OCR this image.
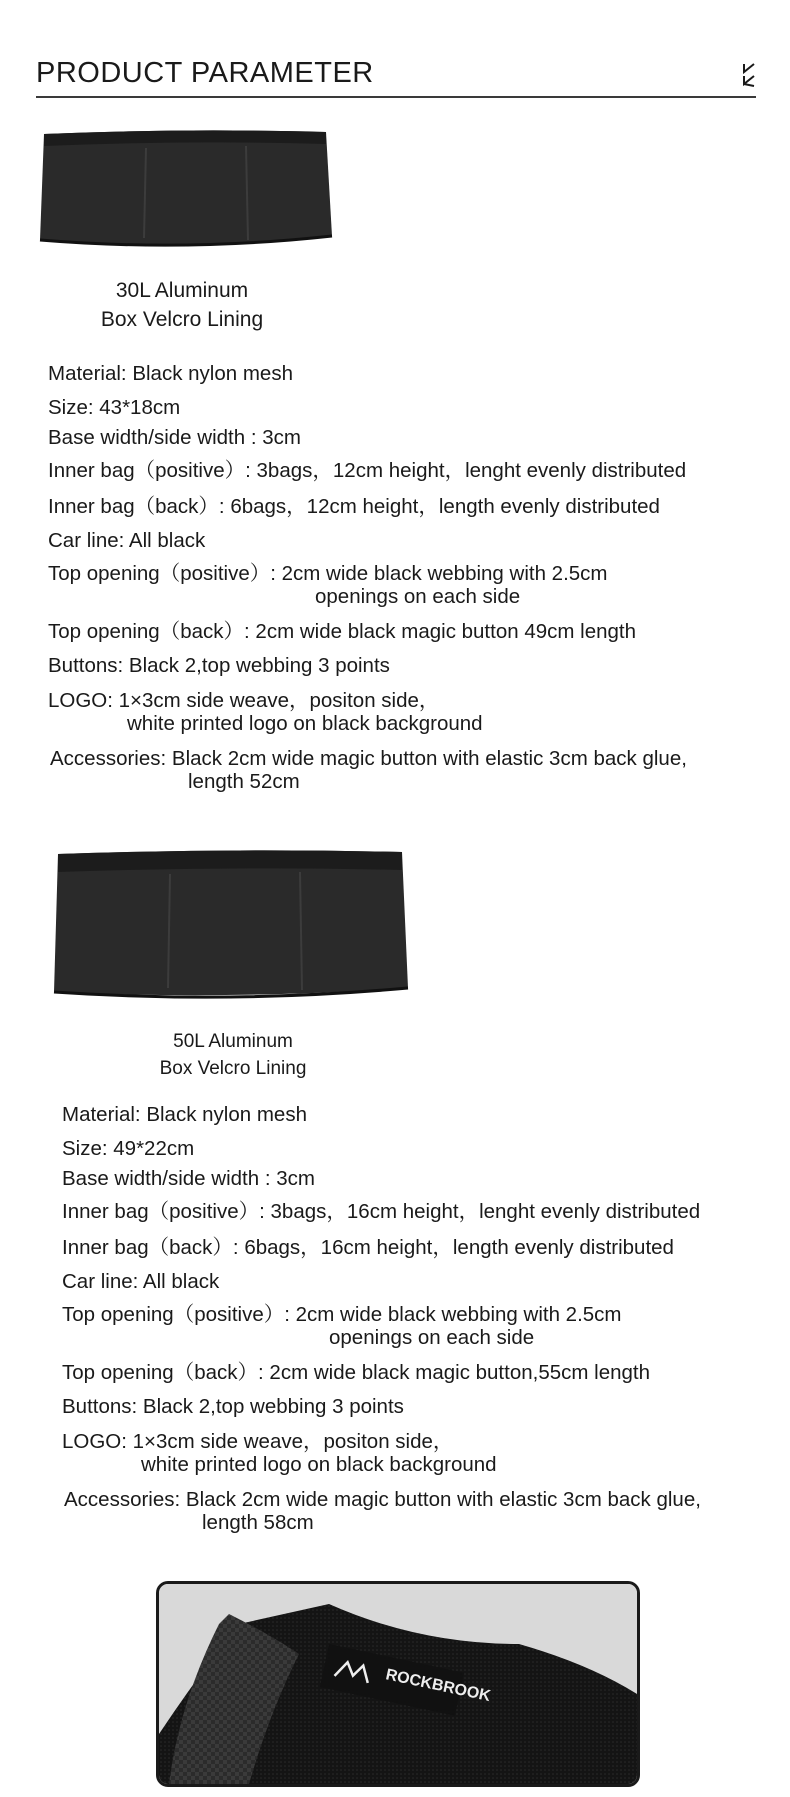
PRODUCT PARAMETER
30L Aluminum
Box Velcro Lining
Material: Black nylon mesh
Size: 43*18cm
Base width/side width : 3cm
Inner bag（positive）: 3bags，12cm height，lenght evenly distributed
Inner bag（back）: 6bags，12cm height，length evenly distributed
Car line: All black
Top opening（positive）: 2cm wide black webbing with 2.5cm
openings on each side
Top opening（back）: 2cm wide black magic button 49cm length
Buttons: Black 2,top webbing 3 points
LOGO: 1×3cm side weave，positon side，
white printed logo on black background
Accessories: Black 2cm wide magic button with elastic 3cm back glue,
length 52cm
50L Aluminum
Box Velcro Lining
Material: Black nylon mesh
Size: 49*22cm
Base width/side width : 3cm
Inner bag（positive）: 3bags，16cm height，lenght evenly distributed
Inner bag（back）: 6bags，16cm height，length evenly distributed
Car line: All black
Top opening（positive）: 2cm wide black webbing with 2.5cm
openings on each side
Top opening（back）: 2cm wide black magic button,55cm length
Buttons: Black 2,top webbing 3 points
LOGO: 1×3cm side weave，positon side，
white printed logo on black background
Accessories: Black 2cm wide magic button with elastic 3cm back glue,
length 58cm
ROCKBROOK
